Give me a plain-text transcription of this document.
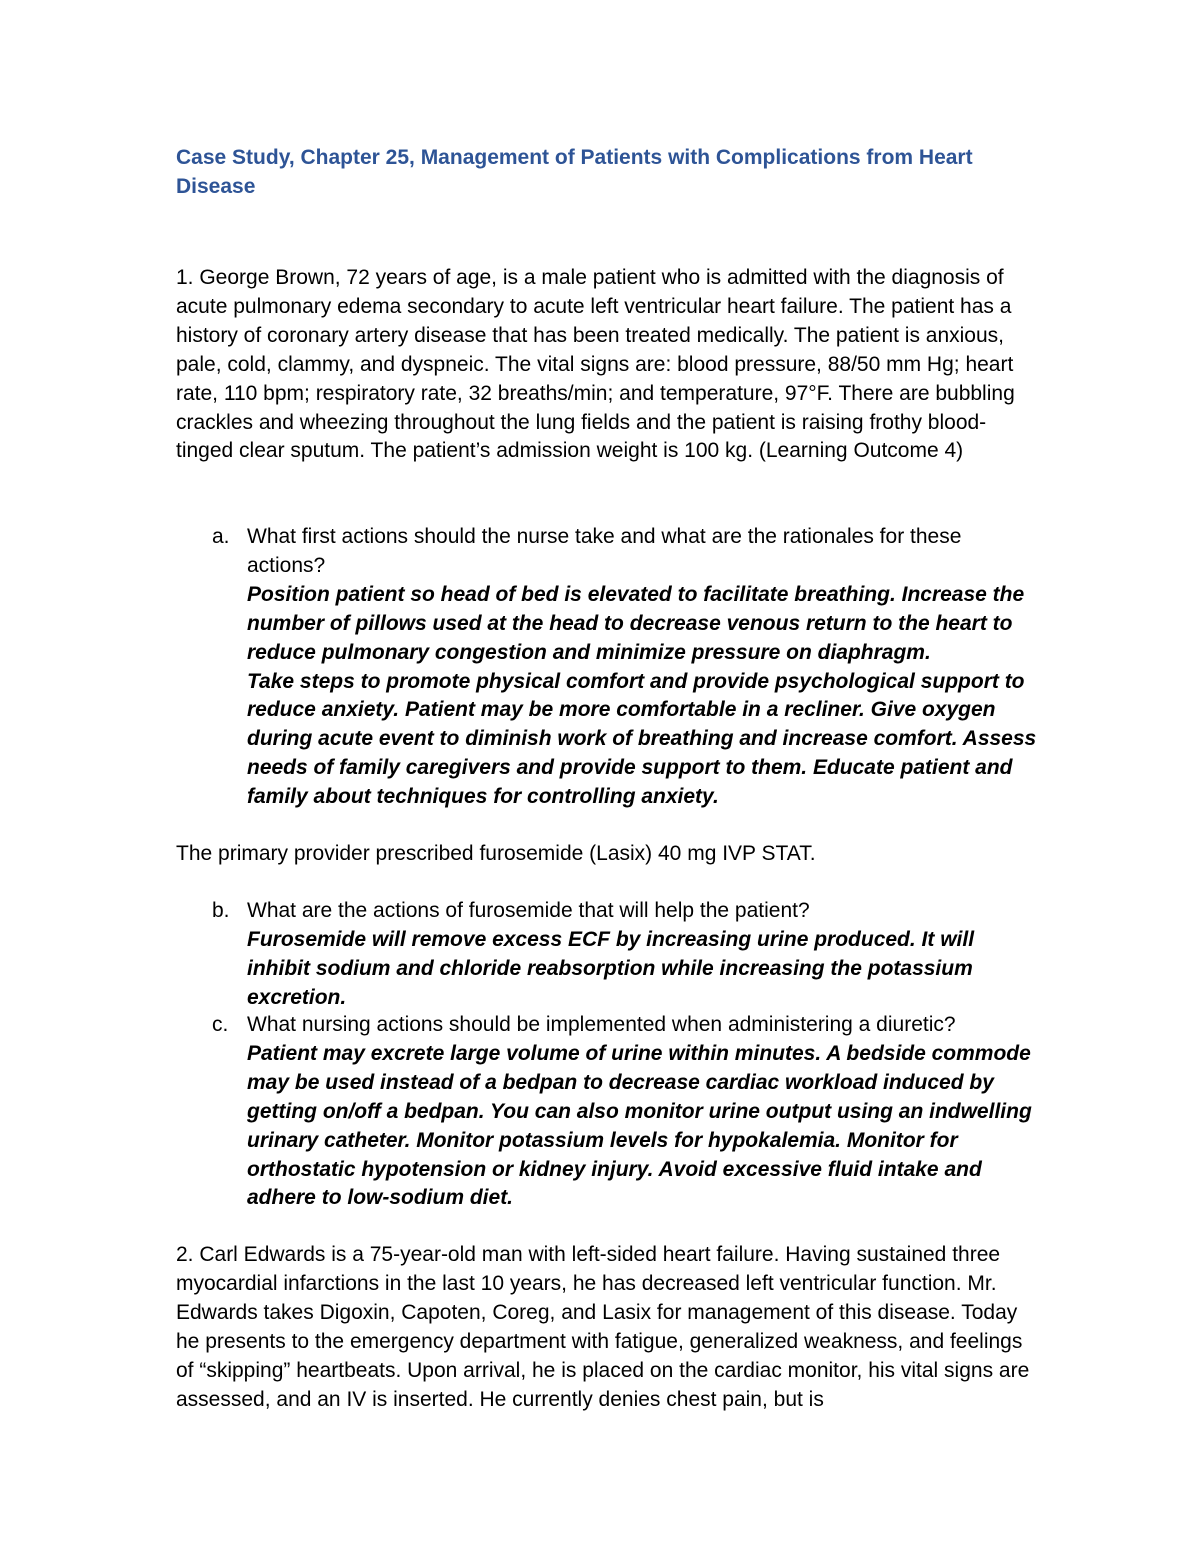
Case Study, Chapter 25, Management of Patients with Complications from Heart Disease

1. George Brown, 72 years of age, is a male patient who is admitted with the diagnosis of acute pulmonary edema secondary to acute left ventricular heart failure. The patient has a history of coronary artery disease that has been treated medically. The patient is anxious, pale, cold, clammy, and dyspneic. The vital signs are: blood pressure, 88/50 mm Hg; heart rate, 110 bpm; respiratory rate, 32 breaths/min; and temperature, 97°F. There are bubbling crackles and wheezing throughout the lung fields and the patient is raising frothy blood-tinged clear sputum. The patient’s admission weight is 100 kg. (Learning Outcome 4)

a. What first actions should the nurse take and what are the rationales for these actions?

Position patient so head of bed is elevated to facilitate breathing. Increase the number of pillows used at the head to decrease venous return to the heart to reduce pulmonary congestion and minimize pressure on diaphragm.

Take steps to promote physical comfort and provide psychological support to reduce anxiety. Patient may be more comfortable in a recliner. Give oxygen during acute event to diminish work of breathing and increase comfort. Assess needs of family caregivers and provide support to them. Educate patient and family about techniques for controlling anxiety.

The primary provider prescribed furosemide (Lasix) 40 mg IVP STAT.

b. What are the actions of furosemide that will help the patient?

Furosemide will remove excess ECF by increasing urine produced. It will inhibit sodium and chloride reabsorption while increasing the potassium excretion.

c. What nursing actions should be implemented when administering a diuretic?

Patient may excrete large volume of urine within minutes. A bedside commode may be used instead of a bedpan to decrease cardiac workload induced by getting on/off a bedpan. You can also monitor urine output using an indwelling urinary catheter. Monitor potassium levels for hypokalemia. Monitor for orthostatic hypotension or kidney injury. Avoid excessive fluid intake and adhere to low-sodium diet.

2. Carl Edwards is a 75-year-old man with left-sided heart failure. Having sustained three myocardial infarctions in the last 10 years, he has decreased left ventricular function. Mr. Edwards takes Digoxin, Capoten, Coreg, and Lasix for management of this disease. Today he presents to the emergency department with fatigue, generalized weakness, and feelings of “skipping” heartbeats. Upon arrival, he is placed on the cardiac monitor, his vital signs are assessed, and an IV is inserted. He currently denies chest pain, but is
